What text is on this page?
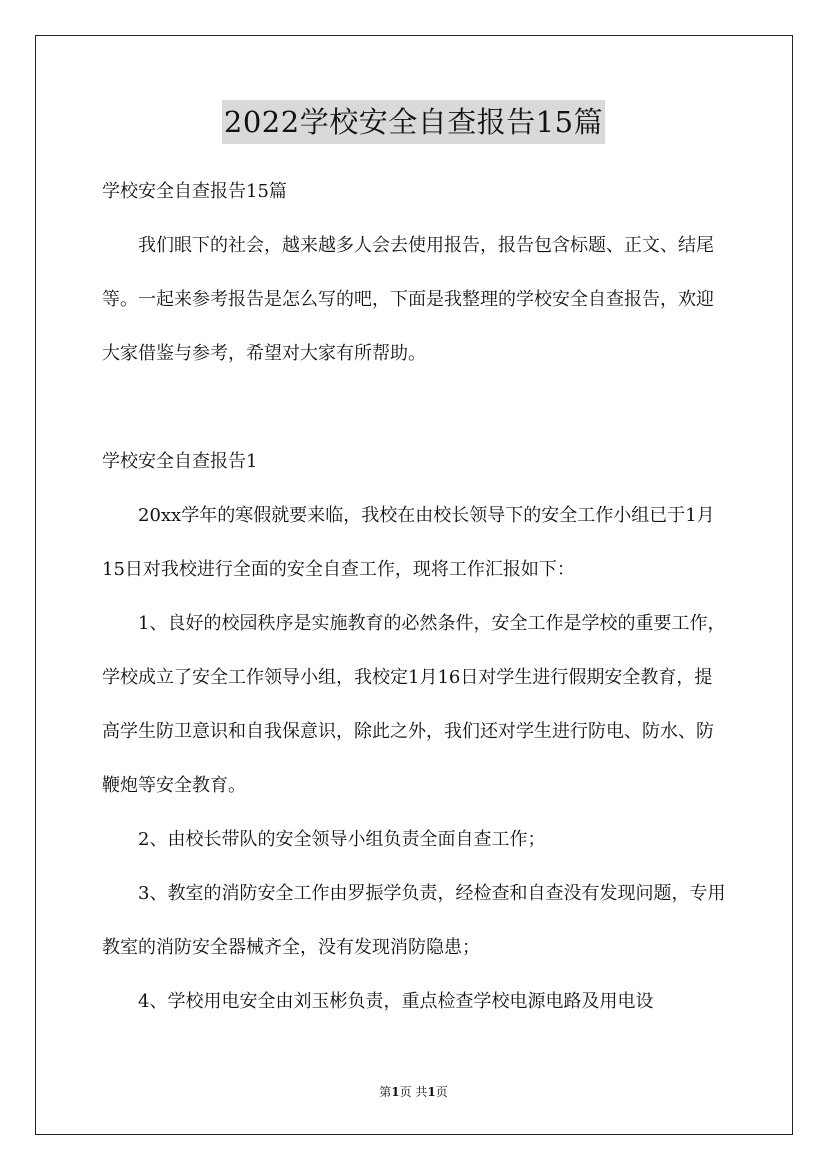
2022学校安全自查报告15篇

学校安全自查报告15篇

我们眼下的社会，越来越多人会去使用报告，报告包含标题、正文、结尾等。一起来参考报告是怎么写的吧，下面是我整理的学校安全自查报告，欢迎大家借鉴与参考，希望对大家有所帮助。

学校安全自查报告1

20xx学年的寒假就要来临，我校在由校长领导下的安全工作小组已于1月15日对我校进行全面的安全自查工作，现将工作汇报如下：

1、良好的校园秩序是实施教育的必然条件，安全工作是学校的重要工作，学校成立了安全工作领导小组，我校定1月16日对学生进行假期安全教育，提高学生防卫意识和自我保意识，除此之外，我们还对学生进行防电、防水、防鞭炮等安全教育。

2、由校长带队的安全领导小组负责全面自查工作；

3、教室的消防安全工作由罗振学负责，经检查和自查没有发现问题，专用教室的消防安全器械齐全，没有发现消防隐患；

4、学校用电安全由刘玉彬负责，重点检查学校电源电路及用电设

第1页 共1页
